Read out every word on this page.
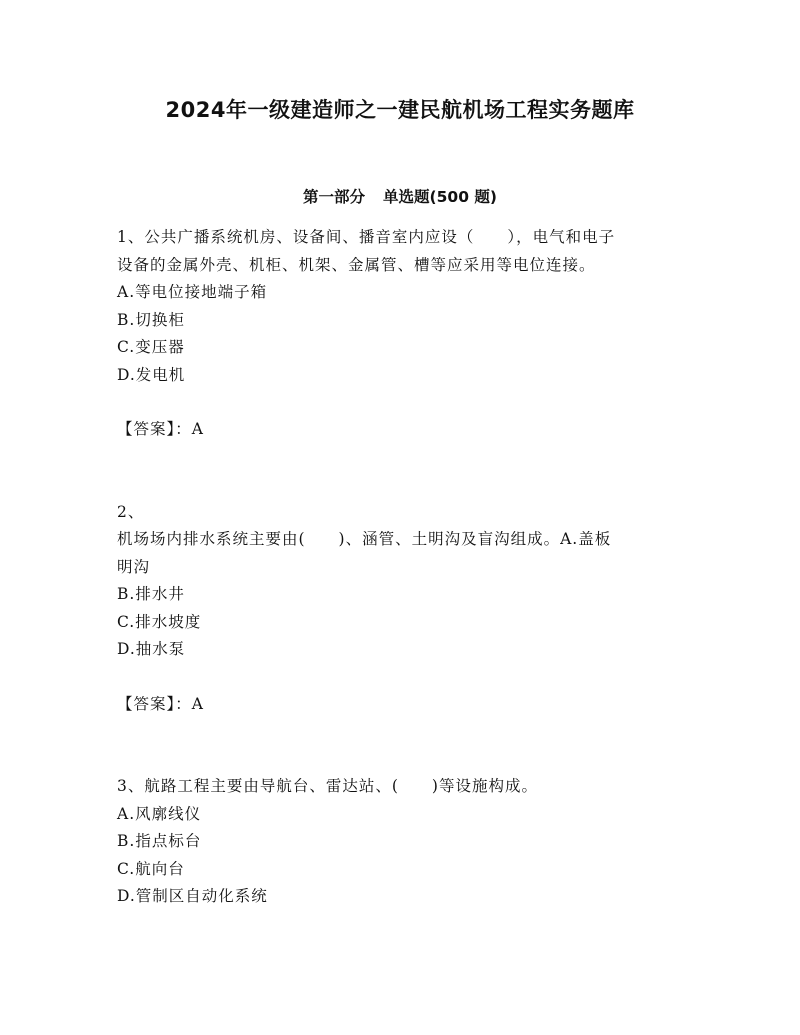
2024年一级建造师之一建民航机场工程实务题库
第一部分 单选题(500 题)
1、公共广播系统机房、设备间、播音室内应设（　　），电气和电子
设备的金属外壳、机柜、机架、金属管、槽等应采用等电位连接。
A.等电位接地端子箱
B.切换柜
C.变压器
D.发电机
【答案】：A
2、
机场场内排水系统主要由(　　)、涵管、土明沟及盲沟组成。A.盖板
明沟
B.排水井
C.排水坡度
D.抽水泵
【答案】：A
3、航路工程主要由导航台、雷达站、(　　)等设施构成。
A.风廓线仪
B.指点标台
C.航向台
D.管制区自动化系统
